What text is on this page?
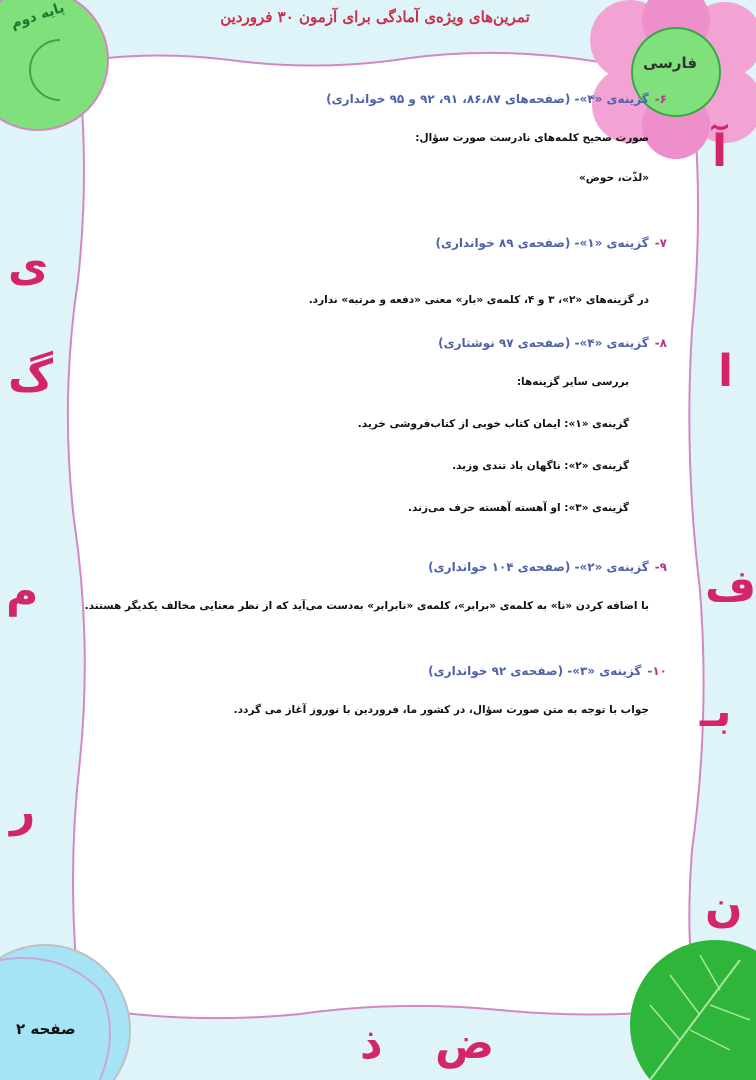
پایه دوم	تمرین‌های ویژه‌ی آمادگی برای آزمون ۳۰ فروردین
فارسی
صفحه ۲
آ
ا
ف
بـ
ن
ی
گ
م
ر
ض
ذ
۶-گزینه‌ی «۴»- (صفحه‌های ۸۶،۸۷، ۹۱، ۹۲ و ۹۵ خوانداری)
صورت صحیح کلمه‌های نادرست صورت سؤال:
«لذّت، حوض»
۷-گزینه‌ی «۱»- (صفحه‌ی ۸۹ خوانداری)
در گزینه‌های «۲»، ۳ و ۴، کلمه‌ی «بار» معنی «دفعه و مرتبه» ندارد.
۸-گزینه‌ی «۴»- (صفحه‌ی ۹۷ نوشتاری)
بررسی سایر گزینه‌ها:
گزینه‌ی «۱»: ایمان کتاب خوبی از کتاب‌فروشی خرید.
گزینه‌ی «۲»: ناگهان باد تندی وزید.
گزینه‌ی «۳»: او آهسته آهسته حرف می‌زند.
۹-گزینه‌ی «۲»- (صفحه‌ی ۱۰۴ خوانداری)
با اضافه کردن «نا» به کلمه‌ی «برابر»، کلمه‌ی «نابرابر» به‌دست می‌آید که از نظر معنایی مخالف یکدیگر هستند.
۱۰-گزینه‌ی «۳»- (صفحه‌ی ۹۲ خوانداری)
جواب با توجه به متن صورت سؤال، در کشور ما، فروردین با نوروز آغاز می گردد.
